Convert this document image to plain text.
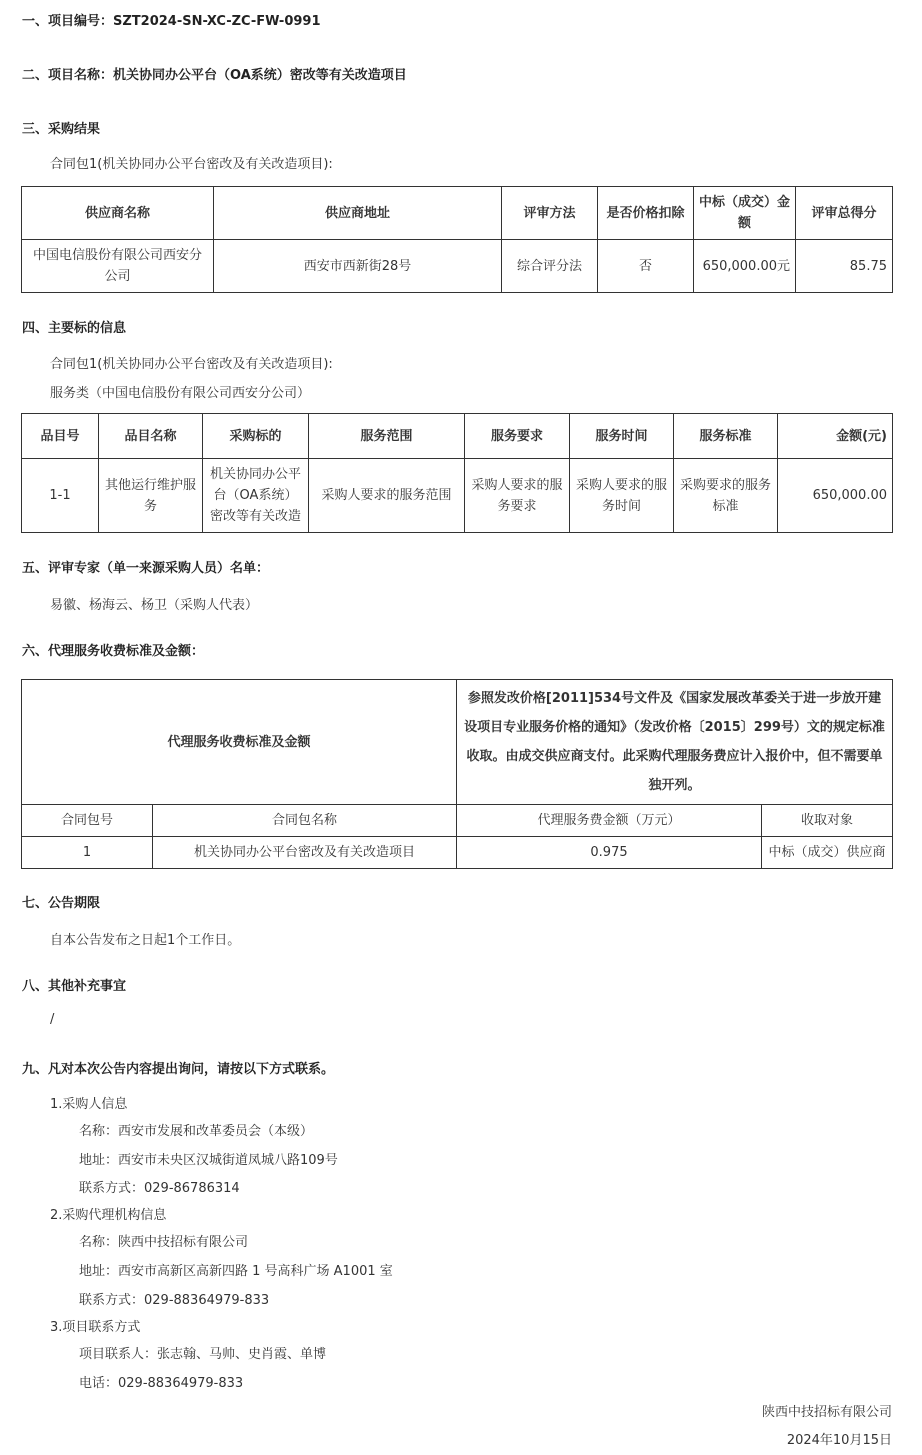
一、项目编号：SZT2024-SN-XC-ZC-FW-0991
二、项目名称：机关协同办公平台（OA系统）密改等有关改造项目
三、采购结果
合同包1(机关协同办公平台密改及有关改造项目):
供应商名称	供应商地址	评审方法	是否价格扣除	中标（成交）金额	评审总得分
中国电信股份有限公司西安分公司	西安市西新街28号	综合评分法	否	650,000.00元	85.75
四、主要标的信息
合同包1(机关协同办公平台密改及有关改造项目):
服务类（中国电信股份有限公司西安分公司）
品目号	品目名称	采购标的	服务范围	服务要求	服务时间	服务标准	金额(元)
1-1	其他运行维护服务	机关协同办公平台（OA系统）密改等有关改造	采购人要求的服务范围	采购人要求的服务要求	采购人要求的服务时间	采购要求的服务标准	650,000.00
五、评审专家（单一来源采购人员）名单：
易徽、杨海云、杨卫（采购人代表）
六、代理服务收费标准及金额：
代理服务收费标准及金额		参照发改价格[2011]534号文件及《国家发展改革委关于进一步放开建设项目专业服务价格的通知》（发改价格〔2015〕299号）文的规定标准收取。由成交供应商支付。此采购代理服务费应计入报价中，但不需要单独开列。	
合同包号	合同包名称	代理服务费金额（万元）	收取对象
1	机关协同办公平台密改及有关改造项目	0.975	中标（成交）供应商
七、公告期限
自本公告发布之日起1个工作日。
八、其他补充事宜
/
九、凡对本次公告内容提出询问，请按以下方式联系。
1.采购人信息
名称：西安市发展和改革委员会（本级）
地址：西安市未央区汉城街道凤城八路109号
联系方式：029-86786314
2.采购代理机构信息
名称：陕西中技招标有限公司
地址：西安市高新区高新四路 1 号高科广场 A1001 室
联系方式：029-88364979-833
3.项目联系方式
项目联系人：张志翰、马帅、史肖霞、单博
电话：029-88364979-833
陕西中技招标有限公司
2024年10月15日
